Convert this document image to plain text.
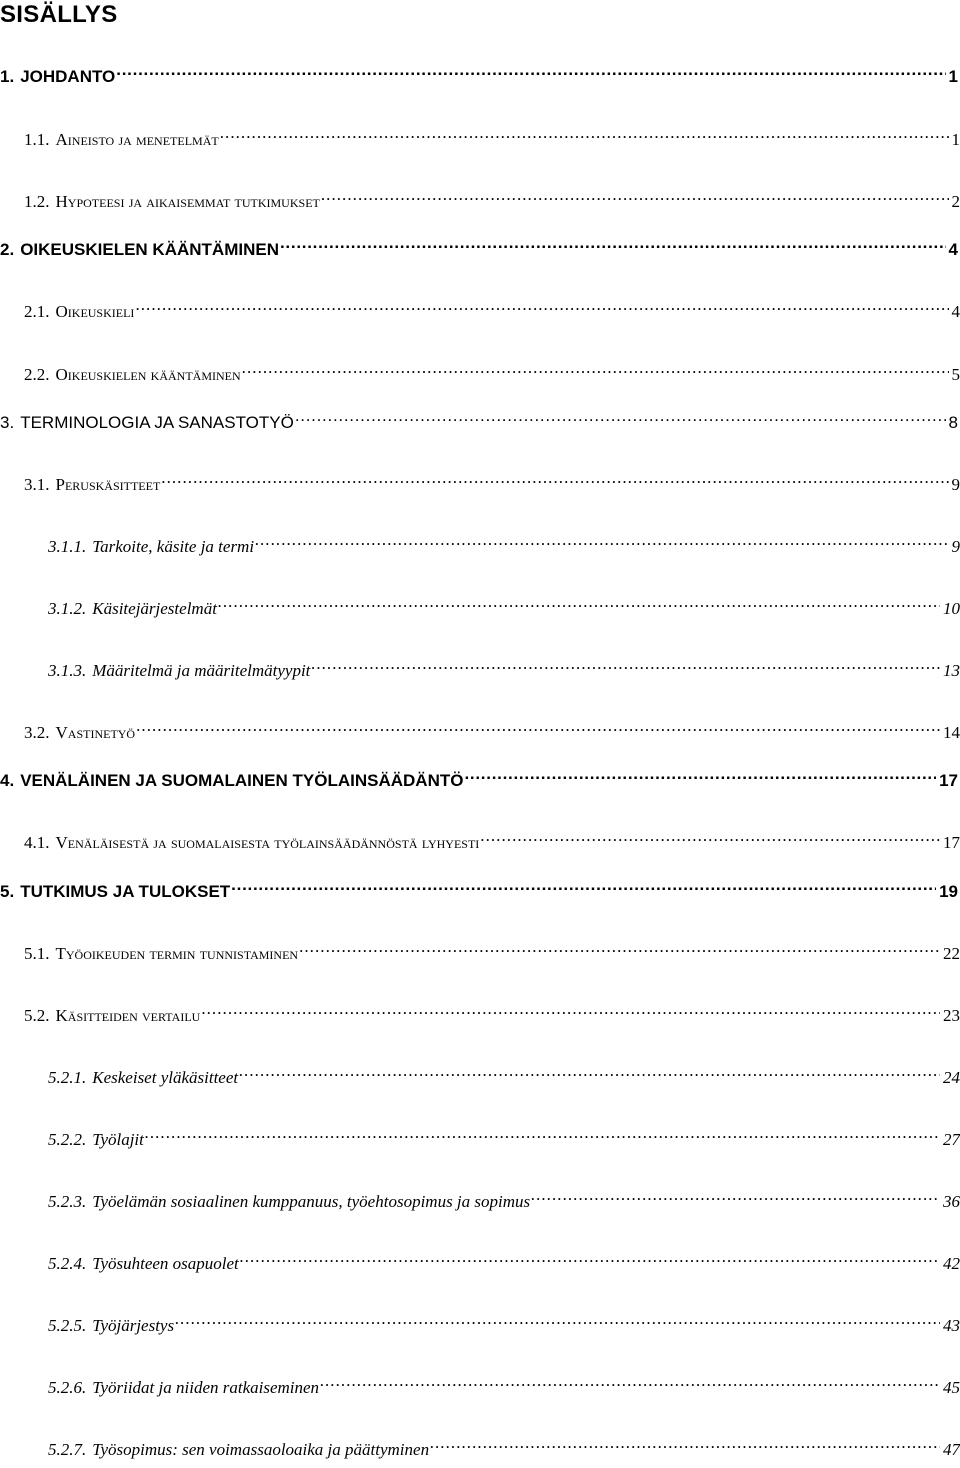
SISÄLLYS
1. JOHDANTO . . .	1
1.1. Aineisto ja menetelmät . . .	1
1.2. Hypoteesi ja aikaisemmat tutkimukset . . .	2
2. OIKEUSKIELEN KÄÄNTÄMINEN . . .	4
2.1. Oikeuskieli . . .	4
2.2. Oikeuskielen kääntäminen . . .	5
3. TERMINOLOGIA JA SANASTOTYÖ . . .	8
3.1. Peruskäsitteet . . .	9
3.1.1. Tarkoite, käsite ja termi . . .	9
3.1.2. Käsitejärjestelmät . . .	10
3.1.3. Määritelmä ja määritelmätyypit . . .	13
3.2. Vastinetyö . . .	14
4. VENÄLÄINEN JA SUOMALAINEN TYÖLAINSÄÄDÄNTÖ . . .	17
4.1. Venäläisestä ja suomalaisesta työlainsäädännöstä lyhyesti . . .	17
5. TUTKIMUS JA TULOKSET . . .	19
5.1. Työoikeuden termin tunnistaminen . . .	22
5.2. Käsitteiden vertailu . . .	23
5.2.1. Keskeiset yläkäsitteet . . .	24
5.2.2. Työlajit . . .	27
5.2.3. Työelämän sosiaalinen kumppanuus, työehtosopimus ja sopimus . . .	36
5.2.4. Työsuhteen osapuolet . . .	42
5.2.5. Työjärjestys . . .	43
5.2.6. Työriidat ja niiden ratkaiseminen . . .	45
5.2.7. Työsopimus: sen voimassaoloaika ja päättyminen . . .	47
